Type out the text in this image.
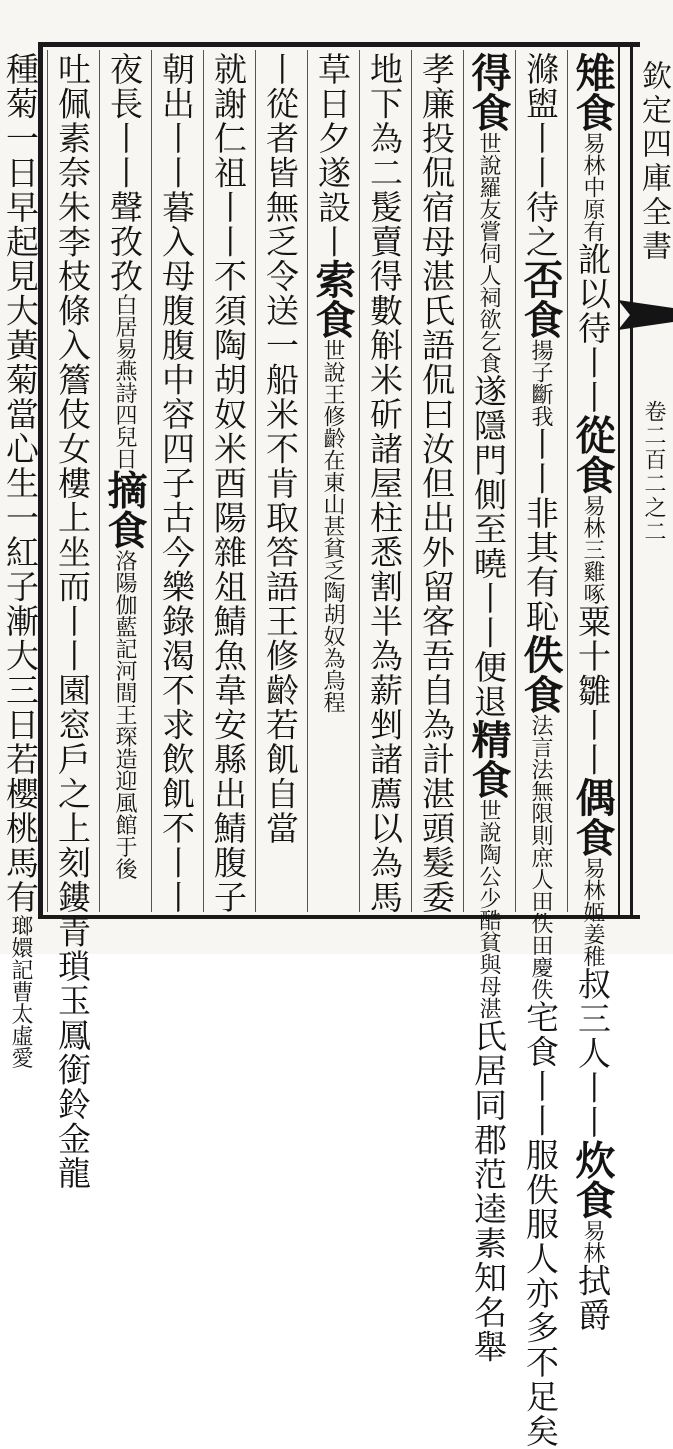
欽定四庫全書
卷二百二之二
雉食易林中原有訛以待丨丨從食易林三雞啄粟十雛丨丨偶食易林姬姜稚叔三人丨丨炊食易林拭爵
滌盥丨丨待之否食揚子斷我丨丨非其有恥佚食法言法無限則庶人田佚田慶佚宅食丨丨服佚服人亦多不足矣
得食世說羅友嘗伺人祠欲乞食遂隱門側至曉丨丨便退精食世說陶公少酷貧與母湛氏居同郡范逵素知名舉
孝廉投侃宿母湛氏語侃曰汝但出外留客吾自為計湛頭髮委
地下為二髲賣得數斛米斫諸屋柱悉割半為薪剉諸薦以為馬
草日夕遂設丨索食世說王修齡在東山甚貧乏陶胡奴為烏程
丨從者皆無乏令送一船米不肯取答語王修齡若飢自當
就謝仁祖丨丨不須陶胡奴米酉陽雜俎鯖魚韋安縣出鯖腹子
朝出丨丨暮入母腹腹中容四子古今樂錄渴不求飲飢不丨丨
夜長丨丨聲孜孜白居易燕詩四兒日摘食洛陽伽藍記河間王琛造迎風館于後
吐佩素奈朱李枝條入簷伎女樓上坐而丨丨園窓戶之上刻鏤青瑣玉鳳銜鈴金龍
種菊一日早起見大黃菊當心生一紅子漸大三日若櫻桃馬有瑯嬛記曹太虛愛
